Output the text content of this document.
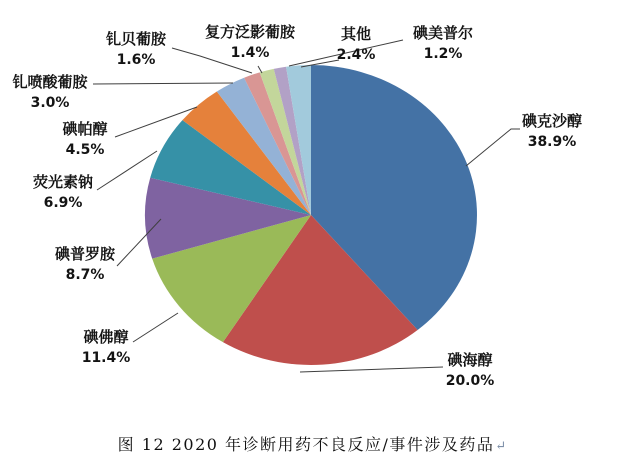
碘克沙醇
38.9%
碘海醇
20.0%
碘佛醇
11.4%
碘普罗胺
8.7%
荧光素钠
6.9%
碘帕醇
4.5%
钆喷酸葡胺
3.0%
钆贝葡胺
1.6%
复方泛影葡胺
1.4%
碘美普尔
1.2%
其他
2.4%
图 12 2020 年诊断用药不良反应/事件涉及药品↵
